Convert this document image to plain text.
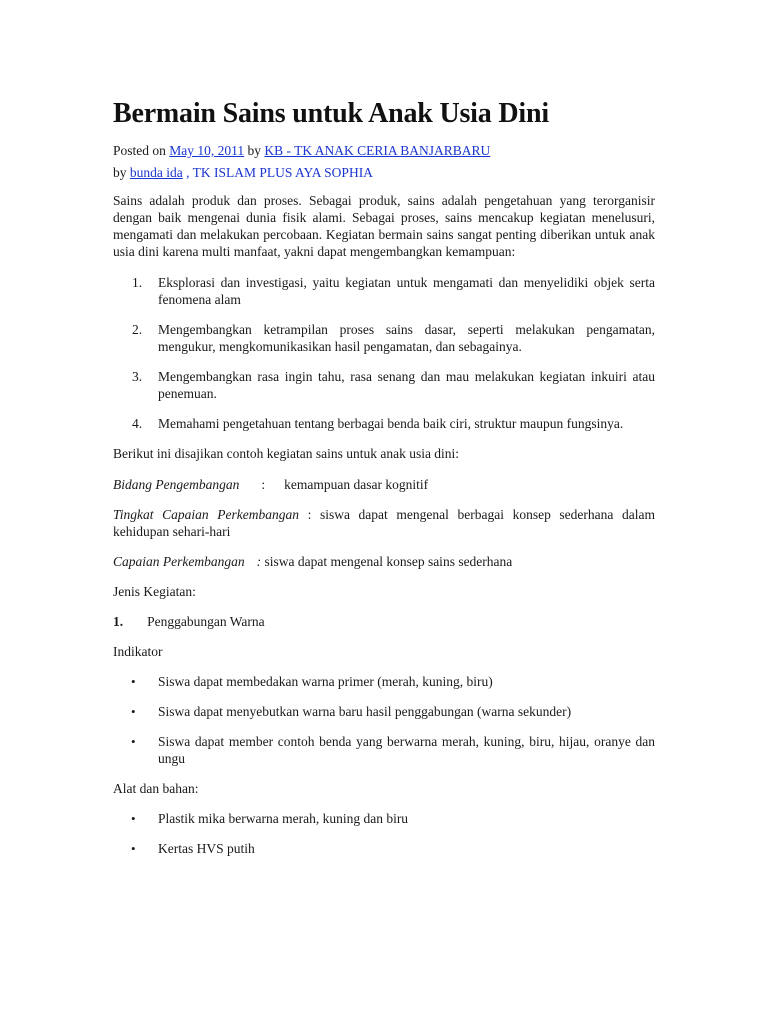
Bermain Sains untuk Anak Usia Dini
Posted on May 10, 2011 by KB - TK ANAK CERIA BANJARBARU
by bunda ida , TK ISLAM PLUS AYA SOPHIA

Sains adalah produk dan proses. Sebagai produk, sains adalah pengetahuan yang terorganisir dengan baik mengenai dunia fisik alami. Sebagai proses, sains mencakup kegiatan menelusuri, mengamati dan melakukan percobaan. Kegiatan bermain sains sangat penting diberikan untuk anak usia dini karena multi manfaat, yakni dapat mengembangkan kemampuan:

1. Eksplorasi dan investigasi, yaitu kegiatan untuk mengamati dan menyelidiki objek serta fenomena alam
2. Mengembangkan ketrampilan proses sains dasar, seperti melakukan pengamatan, mengukur, mengkomunikasikan hasil pengamatan, dan sebagainya.
3. Mengembangkan rasa ingin tahu, rasa senang dan mau melakukan kegiatan inkuiri atau penemuan.
4. Memahami pengetahuan tentang berbagai benda baik ciri, struktur maupun fungsinya.

Berikut ini disajikan contoh kegiatan sains untuk anak usia dini:

Bidang Pengembangan : kemampuan dasar kognitif

Tingkat Capaian Perkembangan : siswa dapat mengenal berbagai konsep sederhana dalam kehidupan sehari-hari

Capaian Perkembangan : siswa dapat mengenal konsep sains sederhana

Jenis Kegiatan:

1. Penggabungan Warna

Indikator

• Siswa dapat membedakan warna primer (merah, kuning, biru)
• Siswa dapat menyebutkan warna baru hasil penggabungan (warna sekunder)
• Siswa dapat member contoh benda yang berwarna merah, kuning, biru, hijau, oranye dan ungu

Alat dan bahan:

• Plastik mika berwarna merah, kuning dan biru
• Kertas HVS putih
